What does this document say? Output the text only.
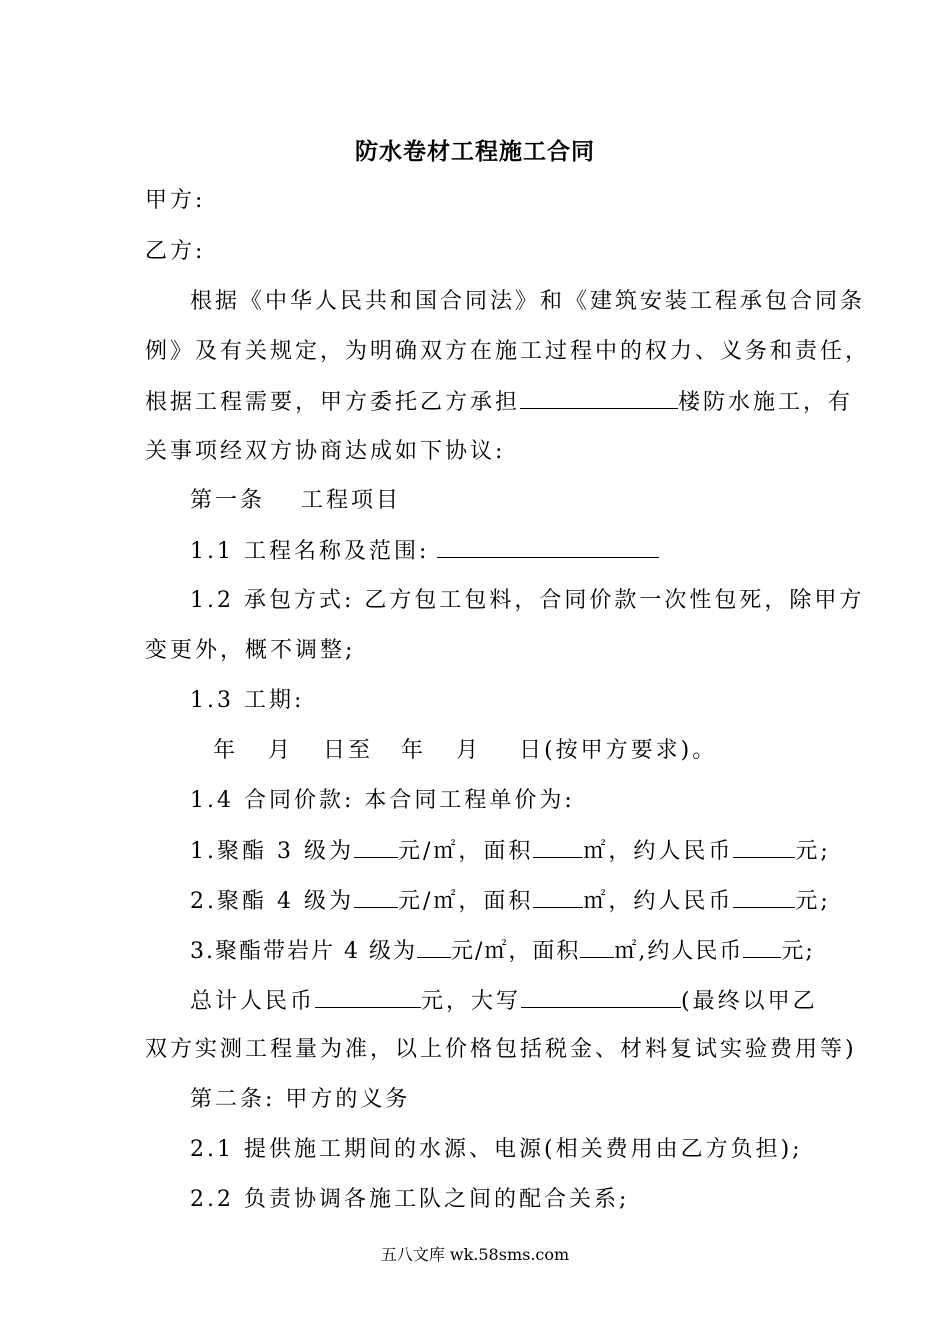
防水卷材工程施工合同
甲方:
乙方:
根据《中华人民共和国合同法》和《建筑安装工程承包合同条
例》及有关规定，为明确双方在施工过程中的权力、义务和责任，
根据工程需要，甲方委托乙方承担	楼防水施工，有
关事项经双方协商达成如下协议:
第一条 工程项目
1.1 工程名称及范围:
1.2 承包方式: 乙方包工包料，合同价款一次性包死，除甲方
变更外，概不调整;
1.3 工期:
年 月 日至 年 月 日(按甲方要求)。
1.4 合同价款: 本合同工程单价为:
1.聚酯 3 级为 元/㎡，面积 ㎡，约人民币	元;
2.聚酯 4 级为 元/㎡，面积 ㎡，约人民币	元;
3.聚酯带岩片 4 级为 元/㎡，面积 ㎡,约人民币 元;
总计人民币	元，大写	(最终以甲乙
双方实测工程量为准，以上价格包括税金、材料复试实验费用等)
第二条: 甲方的义务
2.1 提供施工期间的水源、电源(相关费用由乙方负担);
2.2 负责协调各施工队之间的配合关系;
五八文库 wk.58sms.com
